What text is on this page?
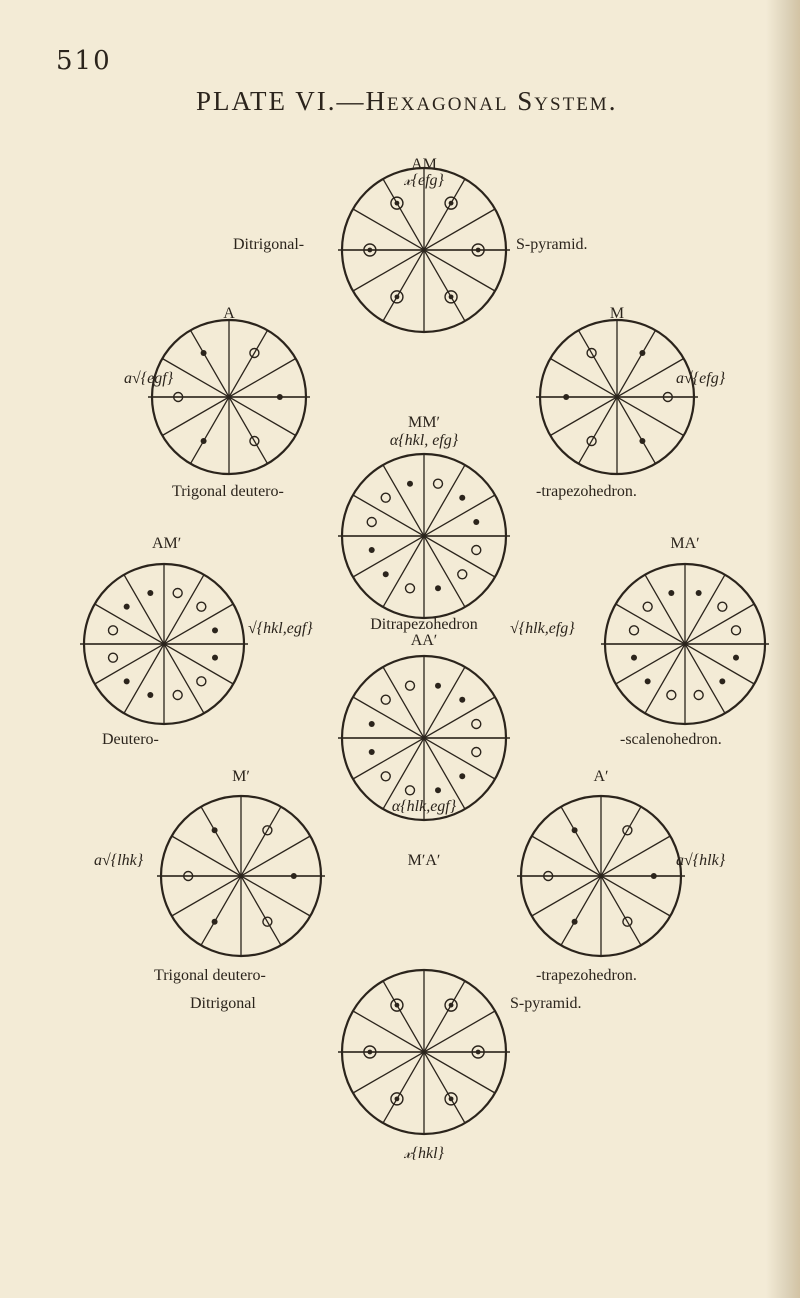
510
PLATE VI.—Hexagonal System.
AM
𝓍{efg}
Ditrigonal-	S-pyramid.
A
a√{egf}
Trigonal deutero-
MMʹ
α{hkl, efg}
M
a√{efg}
-trapezohedron.
AMʹ
√{hkl,egf}
Deutero-
Ditrapezohedron
AAʹ
α{hlk,egf}
MAʹ
√{hlk,efg}
-scalenohedron.
Mʹ
a√{lhk}
Trigonal deutero-
Ditrigonal
MʹAʹ
𝓍{hkl}
Aʹ
a√{hlk}
-trapezohedron.
S-pyramid.
